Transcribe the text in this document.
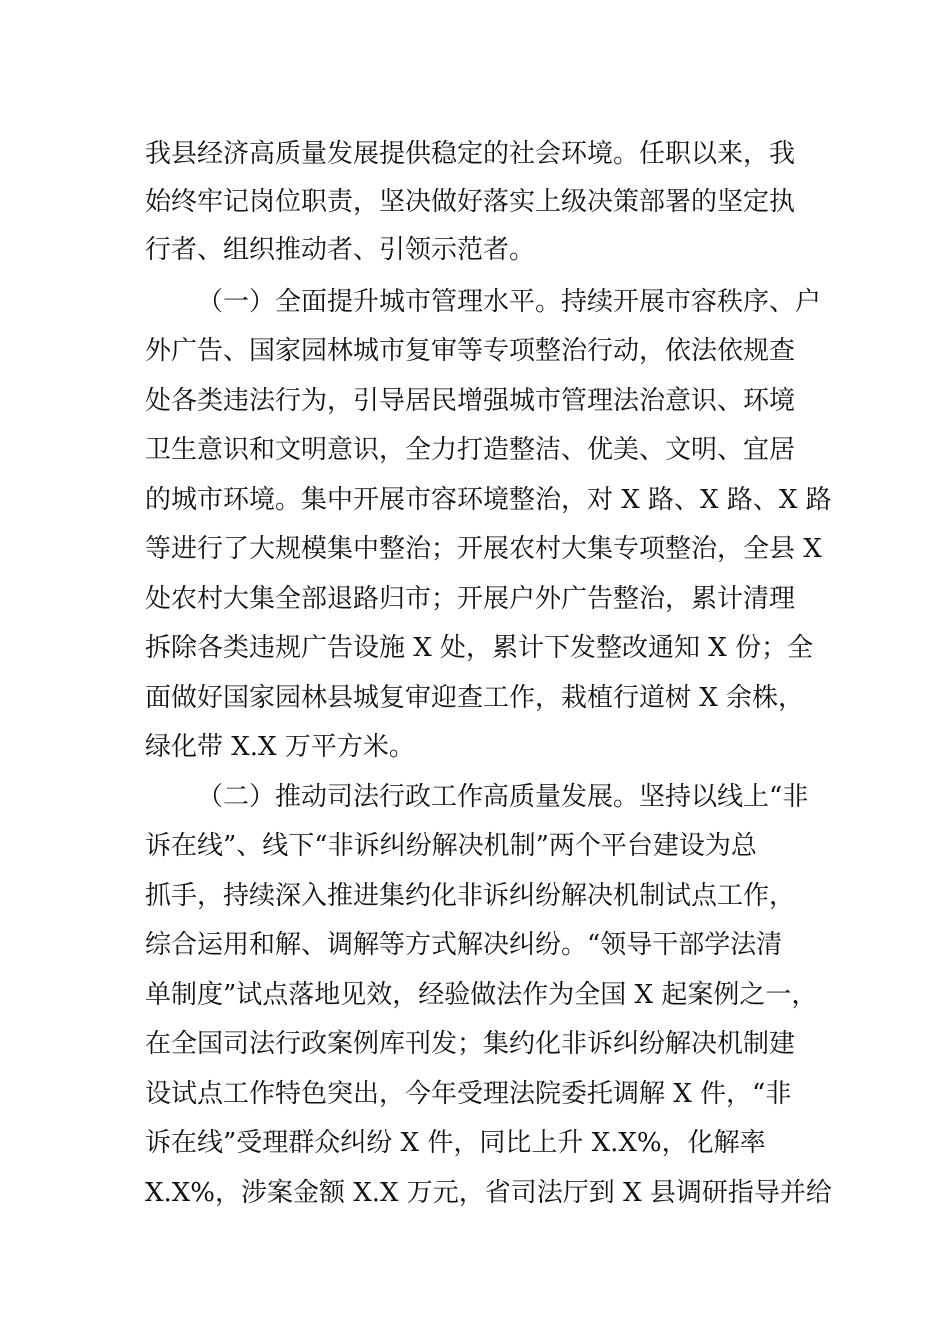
我县经济高质量发展提供稳定的社会环境。任职以来，我
始终牢记岗位职责，坚决做好落实上级决策部署的坚定执
行者、组织推动者、引领示范者。
（一）全面提升城市管理水平。持续开展市容秩序、户
外广告、国家园林城市复审等专项整治行动，依法依规查
处各类违法行为，引导居民增强城市管理法治意识、环境
卫生意识和文明意识，全力打造整洁、优美、文明、宜居
的城市环境。集中开展市容环境整治，对 X 路、X 路、X 路
等进行了大规模集中整治；开展农村大集专项整治，全县 X
处农村大集全部退路归市；开展户外广告整治，累计清理
拆除各类违规广告设施 X 处，累计下发整改通知 X 份；全
面做好国家园林县城复审迎查工作，栽植行道树 X 余株，
绿化带 X.X 万平方米。
（二）推动司法行政工作高质量发展。坚持以线上“非
诉在线”、线下“非诉纠纷解决机制”两个平台建设为总
抓手，持续深入推进集约化非诉纠纷解决机制试点工作，
综合运用和解、调解等方式解决纠纷。“领导干部学法清
单制度”试点落地见效，经验做法作为全国 X 起案例之一，
在全国司法行政案例库刊发；集约化非诉纠纷解决机制建
设试点工作特色突出，今年受理法院委托调解 X 件，“非
诉在线”受理群众纠纷 X 件，同比上升 X.X%，化解率
X.X%，涉案金额 X.X 万元，省司法厅到 X 县调研指导并给
